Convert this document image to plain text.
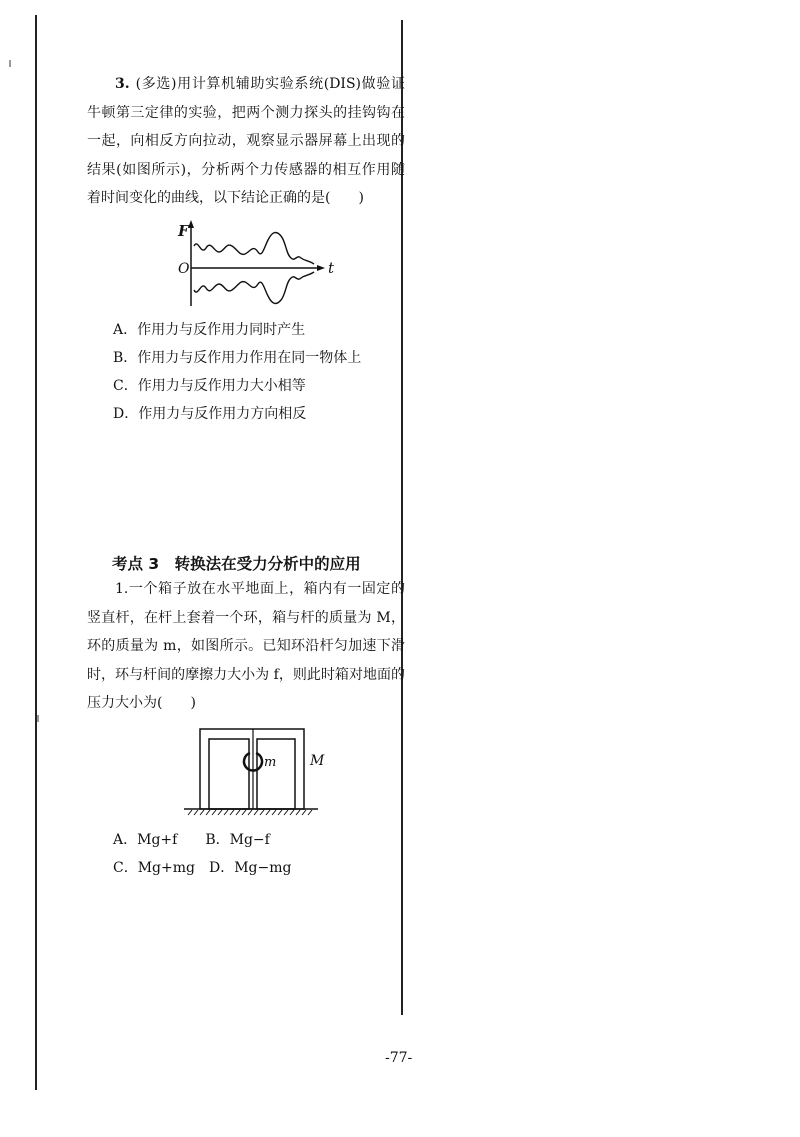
3. (多选)用计算机辅助实验系统(DIS)做验证牛顿第三定律的实验，把两个测力探头的挂钩钩在一起，向相反方向拉动，观察显示器屏幕上出现的结果(如图所示)，分析两个力传感器的相互作用随着时间变化的曲线，以下结论正确的是(　　)

F
O	t

A．作用力与反作用力同时产生

B．作用力与反作用力作用在同一物体上

C．作用力与反作用力大小相等

D．作用力与反作用力方向相反

考点 3　转换法在受力分析中的应用

1.一个箱子放在水平地面上，箱内有一固定的竖直杆，在杆上套着一个环，箱与杆的质量为 M，环的质量为 m，如图所示。已知环沿杆匀加速下滑时，环与杆间的摩擦力大小为 f，则此时箱对地面的压力大小为(　　)

m M

A．Mg+f　　B．Mg−f

C．Mg+mg　D．Mg−mg

-77-
